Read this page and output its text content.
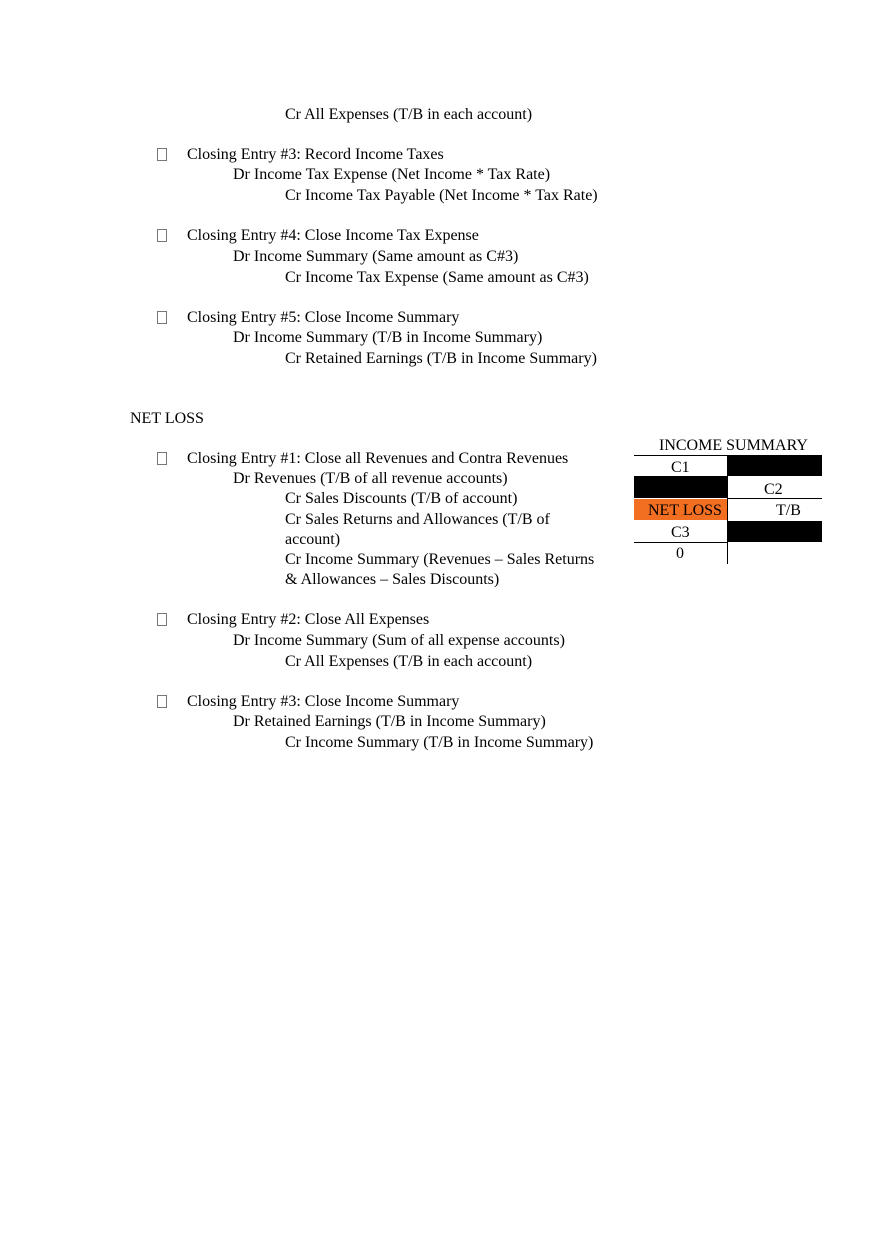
Cr All Expenses (T/B in each account)
Closing Entry #3: Record Income Taxes
Dr Income Tax Expense (Net Income * Tax Rate)
Cr Income Tax Payable (Net Income * Tax Rate)
Closing Entry #4: Close Income Tax Expense
Dr Income Summary (Same amount as C#3)
Cr Income Tax Expense (Same amount as C#3)
Closing Entry #5: Close Income Summary
Dr Income Summary (T/B in Income Summary)
Cr Retained Earnings (T/B in Income Summary)
NET LOSS
Closing Entry #1: Close all Revenues and Contra Revenues
Dr Revenues (T/B of all revenue accounts)
Cr Sales Discounts (T/B of account)
Cr Sales Returns and Allowances (T/B of
account)
Cr Income Summary (Revenues – Sales Returns
& Allowances – Sales Discounts)
Closing Entry #2: Close All Expenses
Dr Income Summary (Sum of all expense accounts)
Cr All Expenses (T/B in each account)
Closing Entry #3: Close Income Summary
Dr Retained Earnings (T/B in Income Summary)
Cr Income Summary (T/B in Income Summary)
INCOME SUMMARY
C1
C2
NET LOSS	T/B
C3
0
